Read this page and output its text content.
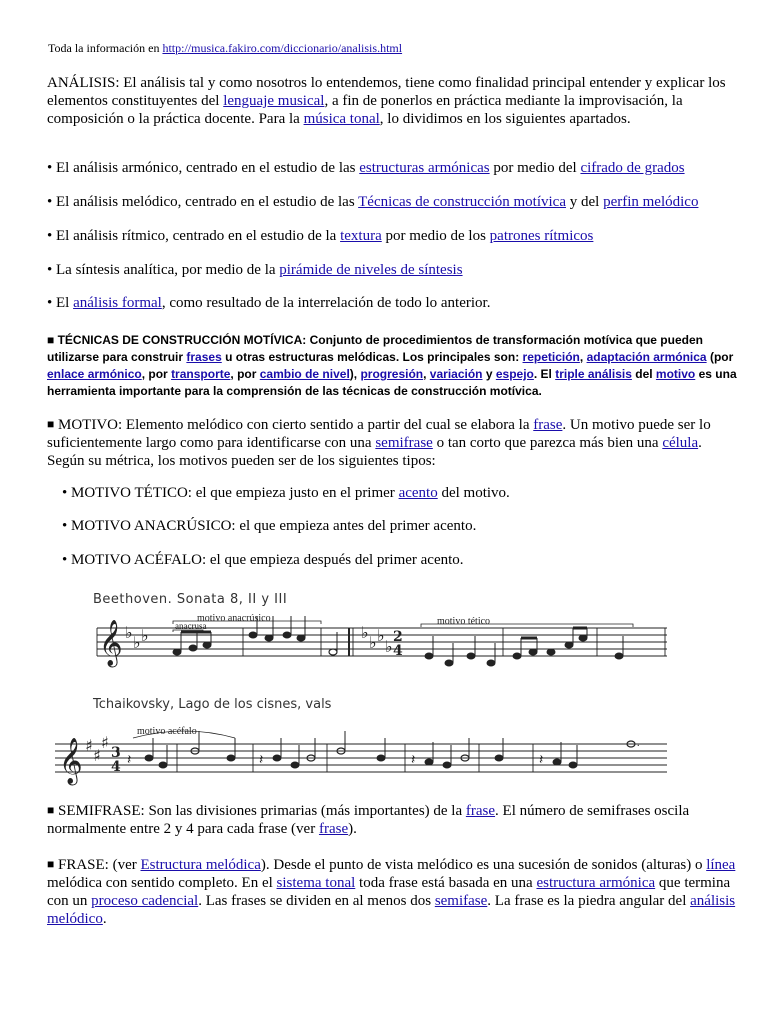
Toda la información en http://musica.fakiro.com/diccionario/analisis.html
ANÁLISIS: El análisis tal y como nosotros lo entendemos, tiene como finalidad principal entender y explicar los elementos constituyentes del lenguaje musical, a fin de ponerlos en práctica mediante la improvisación, la composición o la práctica docente. Para la música tonal, lo dividimos en los siguientes apartados.
• El análisis armónico, centrado en el estudio de las estructuras armónicas por medio del cifrado de grados
• El análisis melódico, centrado en el estudio de las Técnicas de construcción motívica y del perfin melódico
• El análisis rítmico, centrado en el estudio de la textura por medio de los patrones rítmicos
• La síntesis analítica, por medio de la pirámide de niveles de síntesis
• El análisis formal, como resultado de la interrelación de todo lo anterior.
■ TÉCNICAS DE CONSTRUCCIÓN MOTÍVICA: Conjunto de procedimientos de transformación motívica que pueden utilizarse para construir frases u otras estructuras melódicas. Los principales son: repetición, adaptación armónica (por enlace armónico, por transporte, por cambio de nivel), progresión, variación y espejo. El triple análisis del motivo es una herramienta importante para la comprensión de las técnicas de construcción motívica.
■ MOTIVO: Elemento melódico con cierto sentido a partir del cual se elabora la frase. Un motivo puede ser lo suficientemente largo como para identificarse con una semifrase o tan corto que parezca más bien una célula. Según su métrica, los motivos pueden ser de los siguientes tipos:
• MOTIVO TÉTICO: el que empieza justo en el primer acento del motivo.
• MOTIVO ANACRÚSICO: el que empieza antes del primer acento.
• MOTIVO ACÉFALO: el que empieza después del primer acento.
Beethoven. Sonata 8, II y III
𝄞 ♭
♭ ♭	♭
♭ ♭
♭ 2
4
motivo anacrúsico
anacrusa	motivo tético
Tchaikovsky, Lago de los cisnes, vals
𝄞 ♯
♯
♯
3
4
motivo acéfalo
𝄽	𝄽	𝄽	𝄽
.
■ SEMIFRASE: Son las divisiones primarias (más importantes) de la frase. El número de semifrases oscila normalmente entre 2 y 4 para cada frase (ver frase).
■ FRASE: (ver Estructura melódica). Desde el punto de vista melódico es una sucesión de sonidos (alturas) o línea melódica con sentido completo. En el sistema tonal toda frase está basada en una estructura armónica que termina con un proceso cadencial. Las frases se dividen en al menos dos semifase. La frase es la piedra angular del análisis melódico.
